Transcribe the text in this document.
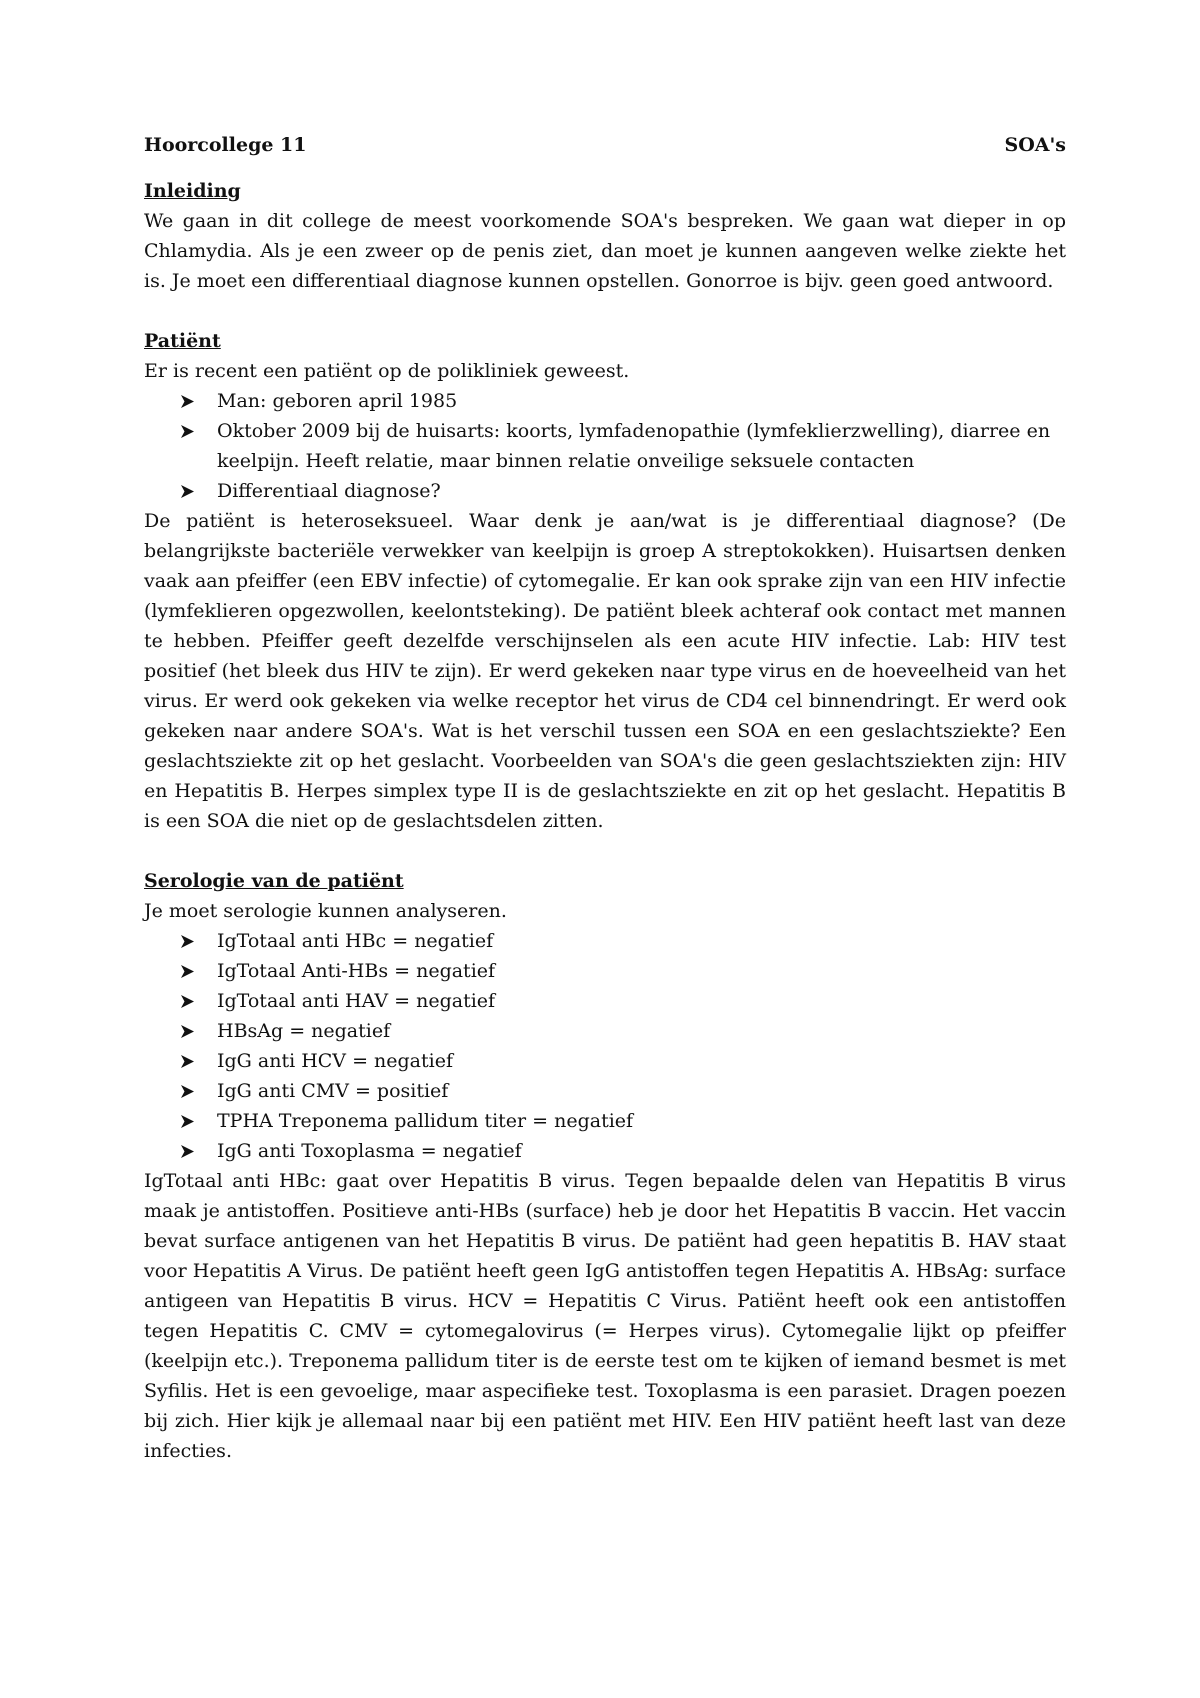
Hoorcollege 11	SOA's
Inleiding

We gaan in dit college de meest voorkomende SOA's bespreken. We gaan wat dieper in op Chlamydia. Als je een zweer op de penis ziet, dan moet je kunnen aangeven welke ziekte het is. Je moet een differentiaal diagnose kunnen opstellen. Gonorroe is bijv. geen goed antwoord.

Patiënt

Er is recent een patiënt op de polikliniek geweest.

Man: geboren april 1985
Oktober 2009 bij de huisarts: koorts, lymfadenopathie (lymfeklierzwelling), diarree en keelpijn. Heeft relatie, maar binnen relatie onveilige seksuele contacten
Differentiaal diagnose?

De patiënt is heteroseksueel. Waar denk je aan/wat is je differentiaal diagnose? (De belangrijkste bacteriële verwekker van keelpijn is groep A streptokokken). Huisartsen denken vaak aan pfeiffer (een EBV infectie) of cytomegalie. Er kan ook sprake zijn van een HIV infectie (lymfeklieren opgezwollen, keelontsteking). De patiënt bleek achteraf ook contact met mannen te hebben. Pfeiffer geeft dezelfde verschijnselen als een acute HIV infectie. Lab: HIV test positief (het bleek dus HIV te zijn). Er werd gekeken naar type virus en de hoeveelheid van het virus. Er werd ook gekeken via welke receptor het virus de CD4 cel binnendringt. Er werd ook gekeken naar andere SOA's. Wat is het verschil tussen een SOA en een geslachtsziekte? Een geslachtsziekte zit op het geslacht. Voorbeelden van SOA's die geen geslachtsziekten zijn: HIV en Hepatitis B. Herpes simplex type II is de geslachtsziekte en zit op het geslacht. Hepatitis B is een SOA die niet op de geslachtsdelen zitten.

Serologie van de patiënt

Je moet serologie kunnen analyseren.

IgTotaal anti HBc = negatief
IgTotaal Anti-HBs = negatief
IgTotaal anti HAV = negatief
HBsAg = negatief
IgG anti HCV = negatief
IgG anti CMV = positief
TPHA Treponema pallidum titer = negatief
IgG anti Toxoplasma = negatief

IgTotaal anti HBc: gaat over Hepatitis B virus. Tegen bepaalde delen van Hepatitis B virus maak je antistoffen. Positieve anti-HBs (surface) heb je door het Hepatitis B vaccin. Het vaccin bevat surface antigenen van het Hepatitis B virus. De patiënt had geen hepatitis B. HAV staat voor Hepatitis A Virus. De patiënt heeft geen IgG antistoffen tegen Hepatitis A. HBsAg: surface antigeen van Hepatitis B virus. HCV = Hepatitis C Virus. Patiënt heeft ook een antistoffen tegen Hepatitis C. CMV = cytomegalovirus (= Herpes virus). Cytomegalie lijkt op pfeiffer (keelpijn etc.). Treponema pallidum titer is de eerste test om te kijken of iemand besmet is met Syfilis. Het is een gevoelige, maar aspecifieke test. Toxoplasma is een parasiet. Dragen poezen bij zich. Hier kijk je allemaal naar bij een patiënt met HIV. Een HIV patiënt heeft last van deze infecties.
